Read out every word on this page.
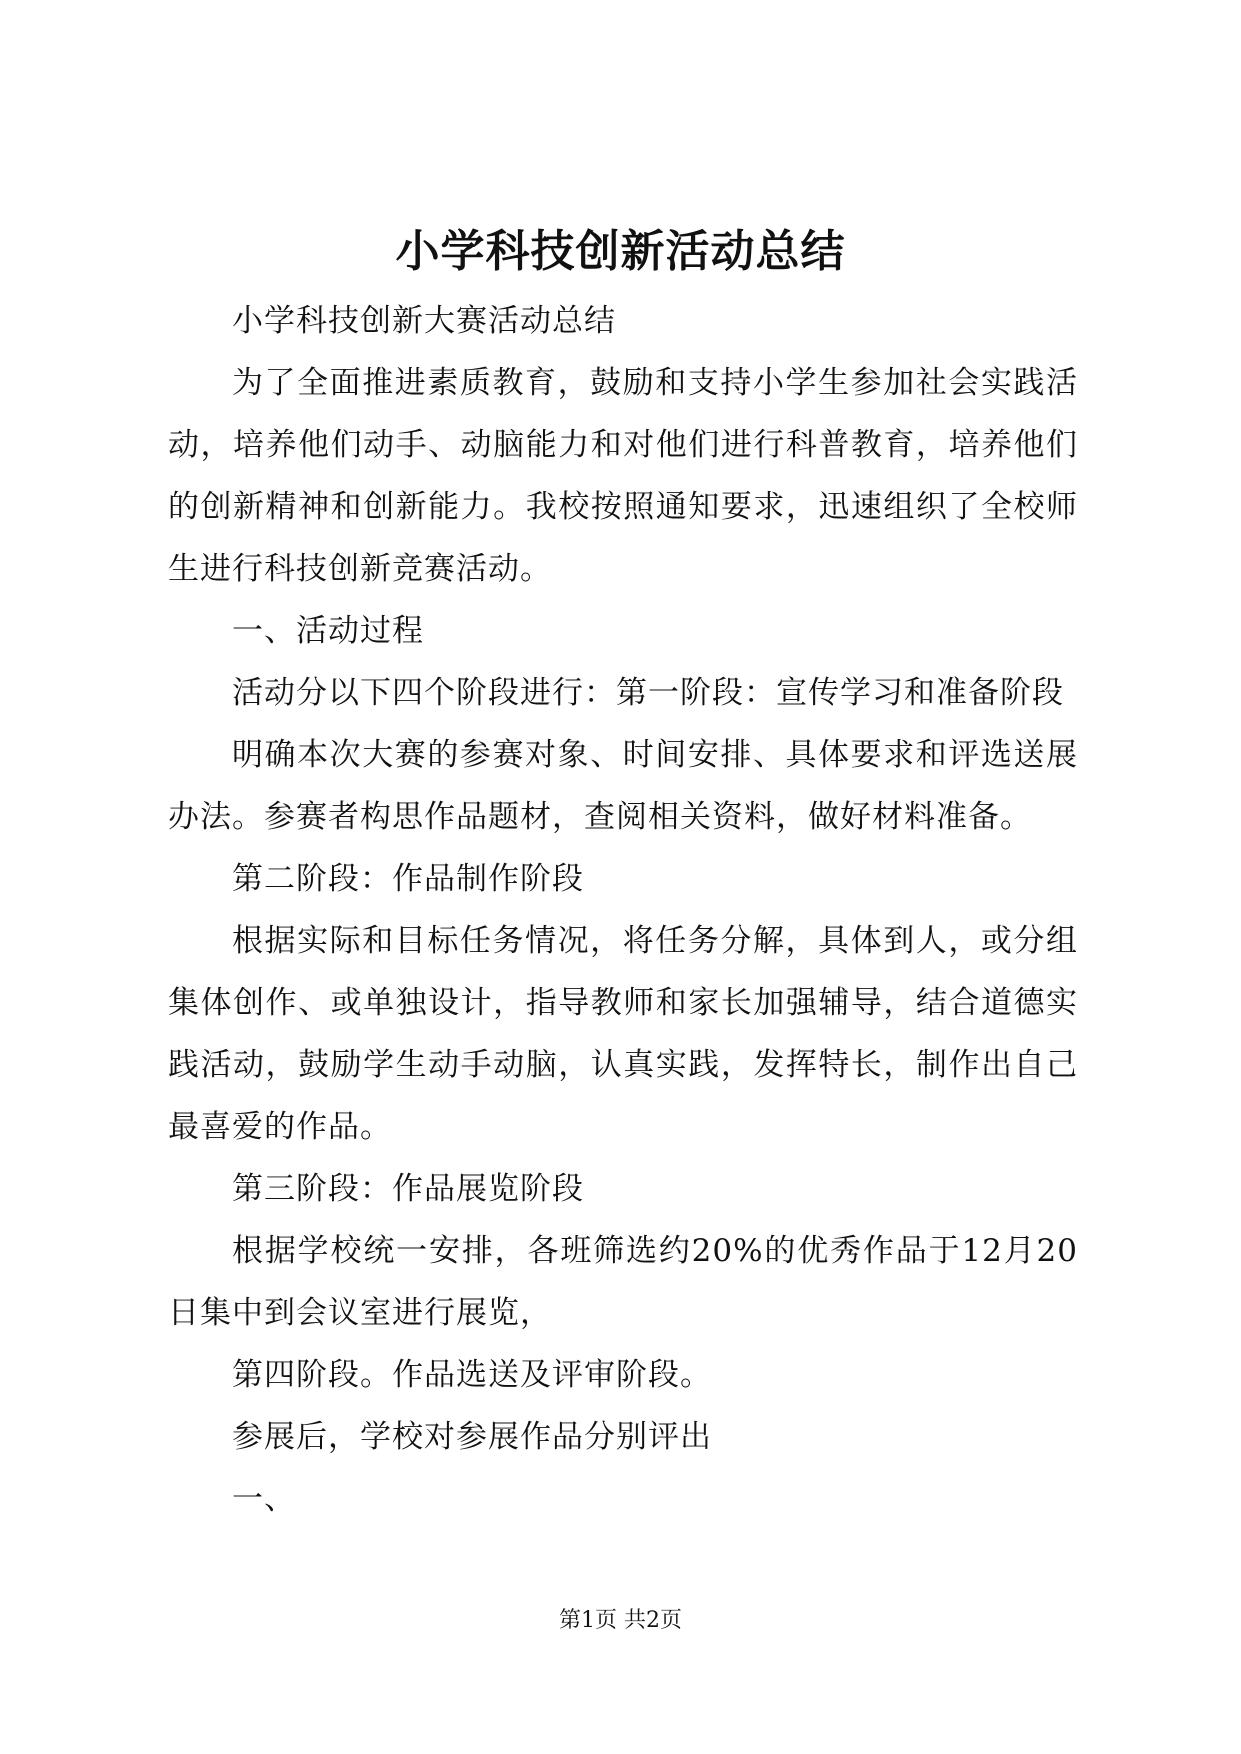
小学科技创新活动总结

小学科技创新大赛活动总结

为了全面推进素质教育，鼓励和支持小学生参加社会实践活动，培养他们动手、动脑能力和对他们进行科普教育，培养他们的创新精神和创新能力。我校按照通知要求，迅速组织了全校师生进行科技创新竞赛活动。

一、活动过程

活动分以下四个阶段进行：第一阶段：宣传学习和准备阶段

明确本次大赛的参赛对象、时间安排、具体要求和评选送展办法。参赛者构思作品题材，查阅相关资料，做好材料准备。

第二阶段：作品制作阶段

根据实际和目标任务情况，将任务分解，具体到人，或分组集体创作、或单独设计，指导教师和家长加强辅导，结合道德实践活动，鼓励学生动手动脑，认真实践，发挥特长，制作出自己最喜爱的作品。

第三阶段：作品展览阶段

根据学校统一安排，各班筛选约20%的优秀作品于12月20日集中到会议室进行展览，

第四阶段。作品选送及评审阶段。

参展后，学校对参展作品分别评出

一、

第1页 共2页
